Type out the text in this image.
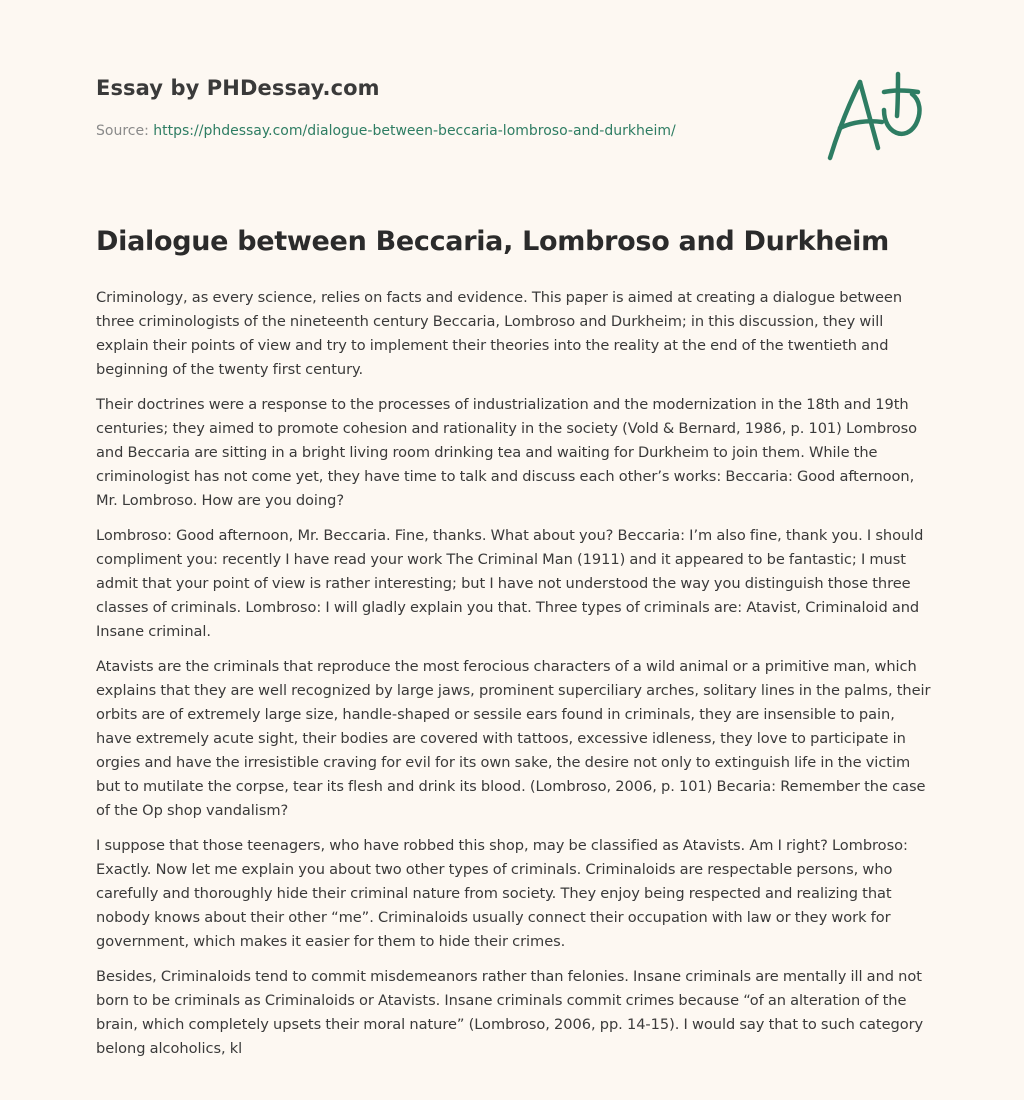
Essay by PHDessay.com
Source: https://phdessay.com/dialogue-between-beccaria-lombroso-and-durkheim/
Dialogue between Beccaria, Lombroso and Durkheim

Criminology, as every science, relies on facts and evidence. This paper is aimed at creating a dialogue between three criminologists of the nineteenth century Beccaria, Lombroso and Durkheim; in this discussion, they will explain their points of view and try to implement their theories into the reality at the end of the twentieth and beginning of the twenty first century.

Their doctrines were a response to the processes of industrialization and the modernization in the 18th and 19th centuries; they aimed to promote cohesion and rationality in the society (Vold & Bernard, 1986, p. 101) Lombroso and Beccaria are sitting in a bright living room drinking tea and waiting for Durkheim to join them. While the criminologist has not come yet, they have time to talk and discuss each other’s works: Beccaria: Good afternoon, Mr. Lombroso. How are you doing?

Lombroso: Good afternoon, Mr. Beccaria. Fine, thanks. What about you? Beccaria: I’m also fine, thank you. I should compliment you: recently I have read your work The Criminal Man (1911) and it appeared to be fantastic; I must admit that your point of view is rather interesting; but I have not understood the way you distinguish those three classes of criminals. Lombroso: I will gladly explain you that. Three types of criminals are: Atavist, Criminaloid and Insane criminal.

Atavists are the criminals that reproduce the most ferocious characters of a wild animal or a primitive man, which explains that they are well recognized by large jaws, prominent superciliary arches, solitary lines in the palms, their orbits are of extremely large size, handle-shaped or sessile ears found in criminals, they are insensible to pain, have extremely acute sight, their bodies are covered with tattoos, excessive idleness, they love to participate in orgies and have the irresistible craving for evil for its own sake, the desire not only to extinguish life in the victim but to mutilate the corpse, tear its flesh and drink its blood. (Lombroso, 2006, p. 101) Becaria: Remember the case of the Op shop vandalism?

I suppose that those teenagers, who have robbed this shop, may be classified as Atavists. Am I right? Lombroso: Exactly. Now let me explain you about two other types of criminals. Criminaloids are respectable persons, who carefully and thoroughly hide their criminal nature from society. They enjoy being respected and realizing that nobody knows about their other “me”. Criminaloids usually connect their occupation with law or they work for government, which makes it easier for them to hide their crimes.

Besides, Criminaloids tend to commit misdemeanors rather than felonies. Insane criminals are mentally ill and not born to be criminals as Criminaloids or Atavists. Insane criminals commit crimes because “of an alteration of the brain, which completely upsets their moral nature” (Lombroso, 2006, pp. 14-15). I would say that to such category belong alcoholics, kl
